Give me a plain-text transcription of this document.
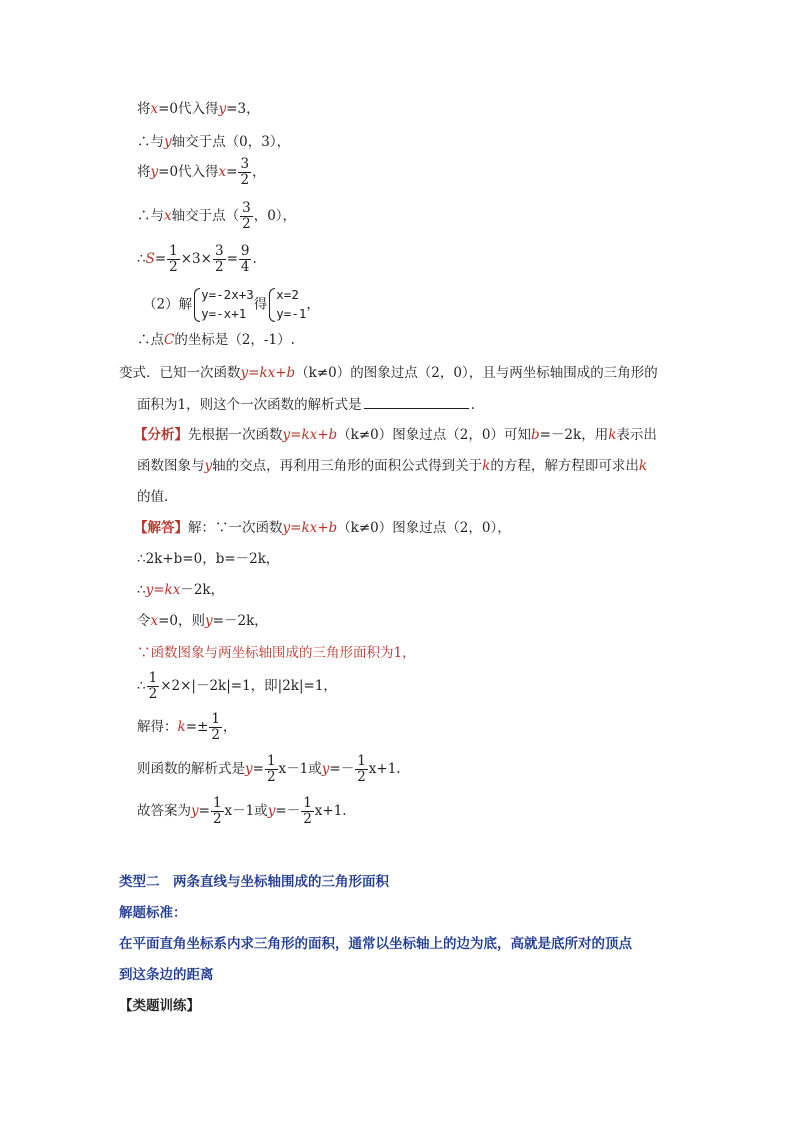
将x=0代入得y=3，
∴与y轴交于点（0，3），
将y=0代入得$x= \frac{3}{2}$ ，
∴与x轴交于点（ $\frac{3}{2}$ ，0），
∴S= $\frac{1}{2} \times 3\times \frac{3}{2} = \frac{9}{4}$ .
（2）解
y=-2x+3
y=-x+1
得
x=2
y=-1
，
∴点C的坐标是（2，-1）.
变式．已知一次函数y=kx+b（k≠0）的图象过点（2，0），且与两坐标轴围成的三角形的
面积为1，则这个一次函数的解析式是	.
【分析】先根据一次函数y=kx+b（k≠0）图象过点（2，0）可知b=－2k，用k表示出
函数图象与y轴的交点，再利用三角形的面积公式得到关于k的方程，解方程即可求出k
的值.
【解答】解：∵一次函数y=kx+b（k≠0）图象过点（2，0），
∴2k+b=0，b=－2k，
∴y=kx－2k，
令x=0，则y=－2k，
∵函数图象与两坐标轴围成的三角形面积为1，
∴ $\frac{1}{2} \times 2\times|-2k|=1$，即|2k|=1，
解得：$k=\pm \frac{1}{2}$ ，
则函数的解析式是$y= \frac{1}{2} x-1$或$y=- \frac{1}{2} x+1$.
故答案为$y= \frac{1}{2} x-1$或$y=- \frac{1}{2} x+1$.
类型二　两条直线与坐标轴围成的三角形面积
解题标准：
在平面直角坐标系内求三角形的面积，通常以坐标轴上的边为底，高就是底所对的顶点
到这条边的距离
【类题训练】
